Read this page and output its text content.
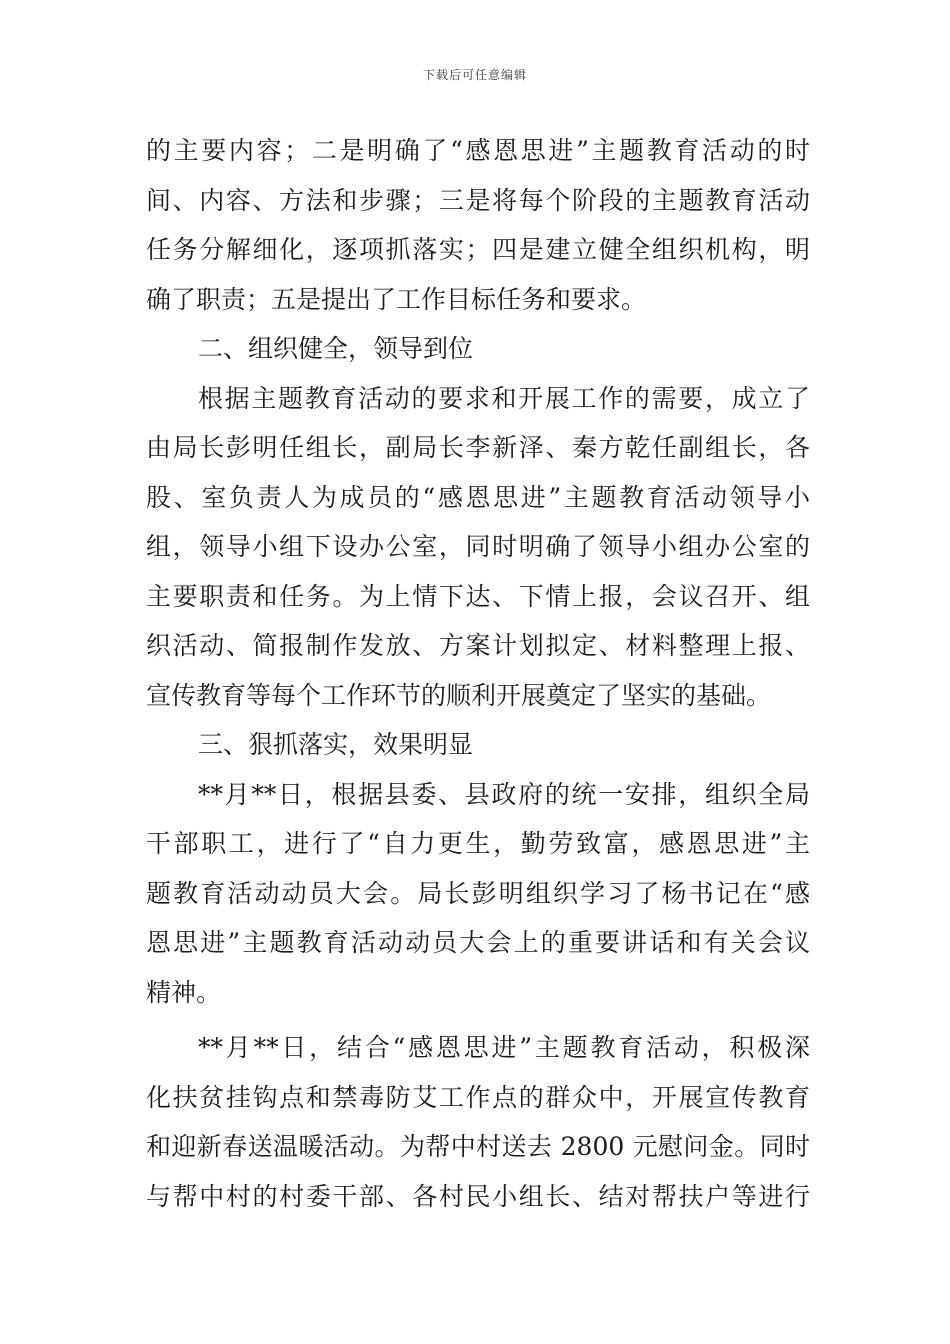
下载后可任意编辑
的主要内容；二是明确了“感恩思进”主题教育活动的时
间、内容、方法和步骤；三是将每个阶段的主题教育活动
任务分解细化，逐项抓落实；四是建立健全组织机构，明
确了职责；五是提出了工作目标任务和要求。
二、组织健全，领导到位
根据主题教育活动的要求和开展工作的需要，成立了
由局长彭明任组长，副局长李新泽、秦方乾任副组长，各
股、室负责人为成员的“感恩思进”主题教育活动领导小
组，领导小组下设办公室，同时明确了领导小组办公室的
主要职责和任务。为上情下达、下情上报，会议召开、组
织活动、简报制作发放、方案计划拟定、材料整理上报、
宣传教育等每个工作环节的顺利开展奠定了坚实的基础。
三、狠抓落实，效果明显
**月**日，根据县委、县政府的统一安排，组织全局
干部职工，进行了“自力更生，勤劳致富，感恩思进”主
题教育活动动员大会。局长彭明组织学习了杨书记在“感
恩思进”主题教育活动动员大会上的重要讲话和有关会议
精神。
**月**日，结合“感恩思进”主题教育活动，积极深
化扶贫挂钩点和禁毒防艾工作点的群众中，开展宣传教育
和迎新春送温暖活动。为帮中村送去 2800 元慰问金。同时
与帮中村的村委干部、各村民小组长、结对帮扶户等进行
